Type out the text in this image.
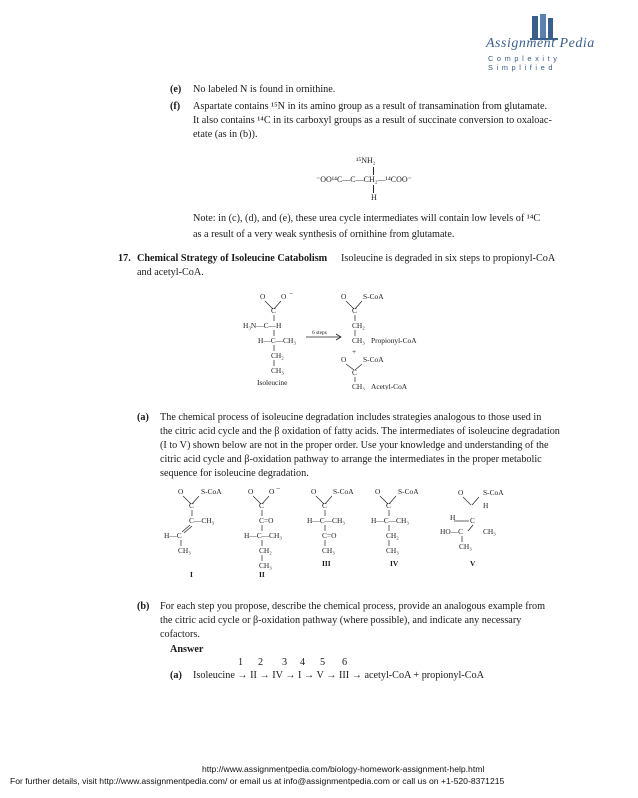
Assignment Pedia
Complexity Simplified
(e) No labeled N is found in ornithine.
(f) Aspartate contains ¹⁵N in its amino group as a result of transamination from glutamate.
It also contains ¹⁴C in its carboxyl groups as a result of succinate conversion to oxaloac-
etate (as in (b)).
¹⁵NH₂
⁻OO¹⁴C—C—CH₂—¹⁴COO⁻
H
Note: in (c), (d), and (e), these urea cycle intermediates will contain low levels of ¹⁴C
as a result of a very weak synthesis of ornithine from glutamate.
17. Chemical Strategy of Isoleucine Catabolism Isoleucine is degraded in six steps to propionyl-CoA
and acetyl-CoA.
O O −
C
H₃N—C—H
H—C—CH₃
CH₂
CH₃
Isoleucine
6 steps
O S-CoA
C
CH₂
CH₃ Propionyl-CoA
+
O S-CoA
C
CH₃ Acetyl-CoA
(a) The chemical process of isoleucine degradation includes strategies analogous to those used in
the citric acid cycle and the β oxidation of fatty acids. The intermediates of isoleucine degradation
(I to V) shown below are not in the proper order. Use your knowledge and understanding of the
citric acid cycle and β-oxidation pathway to arrange the intermediates in the proper metabolic
sequence for isoleucine degradation.
O S-CoA
C
C—CH₃
H—C
CH₃
I
O O −
C
C=O
H—C—CH₃
CH₂
CH₃
II
O S-CoA
C
H—C—CH₃
C=O
CH₃
III
O S-CoA
C
H—C—CH₃
CH₂
CH₃
IV
O	S-CoA
H
H C
HO—C	CH₃
CH₃
V
(b) For each step you propose, describe the chemical process, provide an analogous example from
the citric acid cycle or β-oxidation pathway (where possible), and indicate any necessary
cofactors.
Answer
1 2 3 4 5 6
(a) Isoleucine → II → IV → I → V → III → acetyl-CoA + propionyl-CoA
http://www.assignmentpedia.com/biology-homework-assignment-help.html
For further details, visit http://www.assignmentpedia.com/ or email us at info@assignmentpedia.com or call us on +1-520-8371215
